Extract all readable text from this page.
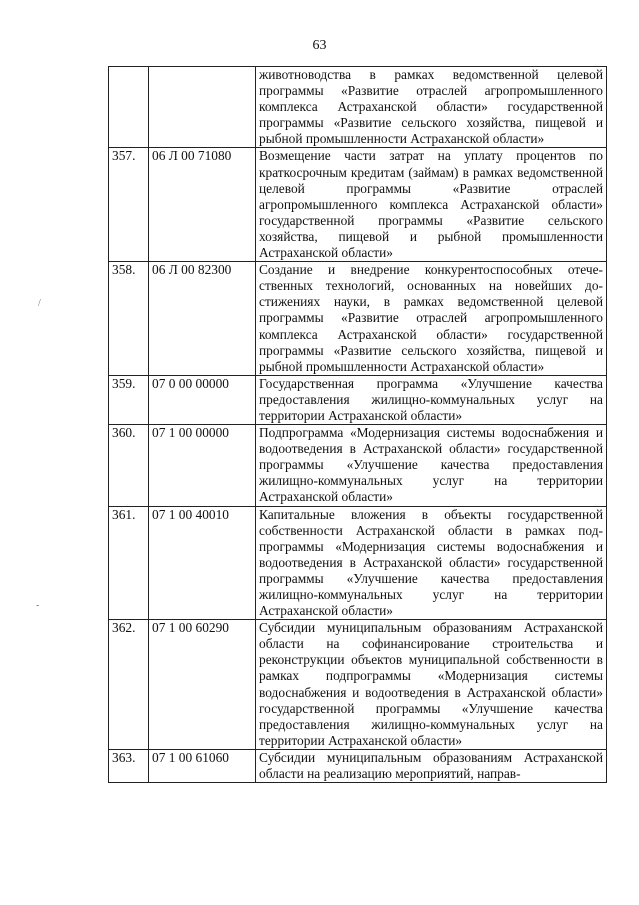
63
		животноводства в рамках ведомственной целевой программы «Развитие отраслей агропромышленного комплекса Астраханской области» государственной программы «Развитие сельского хозяйства, пищевой и рыбной промышленности Астраханской области»
357.	06 Л 00 71080	Возмещение части затрат на уплату процентов по краткосрочным кредитам (займам) в рамках ведомственной целевой программы «Развитие отраслей агропромышленного комплекса Астраханской области» государственной программы «Развитие сельского хозяйства, пищевой и рыбной промышленности Астраханской области»
358.	06 Л 00 82300	Создание и внедрение конкурентоспособных отечественных технологий, основанных на новейших достижениях науки, в рамках ведомственной целевой программы «Развитие отраслей агропромышленного комплекса Астраханской области» государственной программы «Развитие сельского хозяйства, пищевой и рыбной промышленности Астраханской области»
359.	07 0 00 00000	Государственная программа «Улучшение качества предоставления жилищно-коммунальных услуг на территории Астраханской области»
360.	07 1 00 00000	Подпрограмма «Модернизация системы водоснабжения и водоотведения в Астраханской области» государственной программы «Улучшение качества предоставления жилищно-коммунальных услуг на территории Астраханской области»
361.	07 1 00 40010	Капитальные вложения в объекты государственной собственности Астраханской области в рамках подпрограммы «Модернизация системы водоснабжения и водоотведения в Астраханской области» государственной программы «Улучшение качества предоставления жилищно-коммунальных услуг на территории Астраханской области»
362.	07 1 00 60290	Субсидии муниципальным образованиям Астраханской области на софинансирование строительства и реконструкции объектов муниципальной собственности в рамках подпрограммы «Модернизация системы водоснабжения и водоотведения в Астраханской области» государственной программы «Улучшение качества предоставления жилищно-коммунальных услуг на территории Астраханской области»
363.	07 1 00 61060	Субсидии муниципальным образованиям Астраханской области на реализацию мероприятий, направ-
/
-
